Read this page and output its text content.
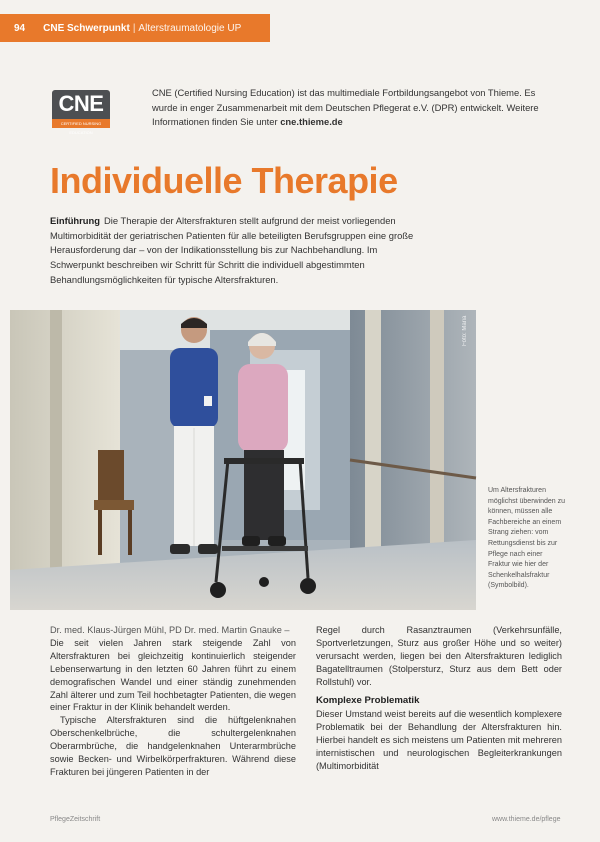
94 CNE Schwerpunkt | Alterstraumatologie UP
CNE
CERTIFIED NURSING EDUCATION
CNE (Certified Nursing Education) ist das multimediale Fortbildungsangebot von Thieme. Es wurde in enger Zusammenarbeit mit dem Deutschen Pflegerat e.V. (DPR) entwickelt. Weitere Informationen finden Sie unter cne.thieme.de
Individuelle Therapie
Einführung Die Therapie der Altersfrakturen stellt aufgrund der meist vorliegenden Multimorbidität der geriatrischen Patienten für alle beteiligten Berufsgruppen eine große Herausforderung dar – von der Indikationsstellung bis zur Nachbehandlung. Im Schwerpunkt beschreiben wir Schritt für Schritt die individuell abgestimmten Behandlungsmöglichkeiten für typische Altersfrakturen.
Foto: Maria
Um Altersfrakturen möglichst überwinden zu können, müssen alle Fachbereiche an einem Strang ziehen: vom Rettungsdienst bis zur Pflege nach einer Fraktur wie hier der Schenkelhalsfraktur (Symbolbild).

Dr. med. Klaus-Jürgen Mühl, PD Dr. med. Martin Gnauke –

Die seit vielen Jahren stark steigende Zahl von Altersfrakturen bei gleichzeitig kontinuierlich steigender Lebenserwartung in den letzten 60 Jahren führt zu einem demografischen Wandel und einer ständig zunehmenden Zahl älterer und zum Teil hochbetagter Patienten, die wegen einer Fraktur in der Klinik behandelt werden.

Typische Altersfrakturen sind die hüftgelenknahen Oberschenkelbrüche, die schultergelenknahen Oberarmbrüche, die handgelenknahen Unterarmbrüche sowie Becken- und Wirbelkörperfrakturen. Während diese Frakturen bei jüngeren Patienten in der

Regel durch Rasanztraumen (Verkehrsunfälle, Sportverletzungen, Sturz aus großer Höhe und so weiter) verursacht werden, liegen bei den Altersfrakturen lediglich Bagatelltraumen (Stolpersturz, Sturz aus dem Bett oder Rollstuhl) vor.

Komplexe Problematik

Dieser Umstand weist bereits auf die wesentlich komplexere Problematik bei der Behandlung der Altersfrakturen hin. Hierbei handelt es sich meistens um Patienten mit mehreren internistischen und neurologischen Begleiterkrankungen (Multimorbidität

PflegeZeitschrift	www.thieme.de/pflege
